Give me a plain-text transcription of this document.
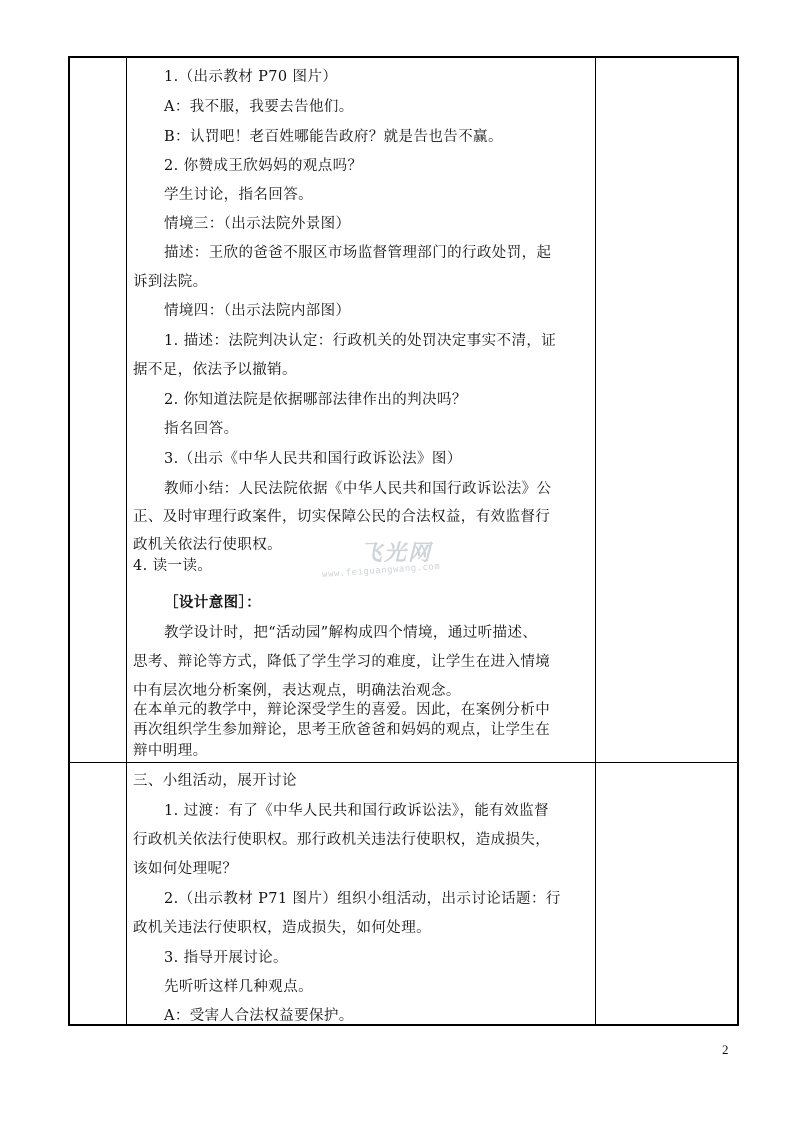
1.（出示教材 P70 图片）
A：我不服，我要去告他们。
B：认罚吧！老百姓哪能告政府？就是告也告不赢。
2. 你赞成王欣妈妈的观点吗？
学生讨论，指名回答。
情境三：（出示法院外景图）
描述：王欣的爸爸不服区市场监督管理部门的行政处罚，起
诉到法院。
情境四：（出示法院内部图）
1. 描述：法院判决认定：行政机关的处罚决定事实不清，证
据不足，依法予以撤销。
2. 你知道法院是依据哪部法律作出的判决吗？
指名回答。
3.（出示《中华人民共和国行政诉讼法》图）
教师小结：人民法院依据《中华人民共和国行政诉讼法》公
正、及时审理行政案件，切实保障公民的合法权益，有效监督行
政机关依法行使职权。
4. 读一读。
［设计意图］：
教学设计时，把“活动园”解构成四个情境，通过听描述、
思考、辩论等方式，降低了学生学习的难度，让学生在进入情境
中有层次地分析案例，表达观点，明确法治观念。
在本单元的教学中，辩论深受学生的喜爱。因此，在案例分析中
再次组织学生参加辩论，思考王欣爸爸和妈妈的观点，让学生在
辩中明理。
飞光网
www.feiguangwang.com
三、小组活动，展开讨论
1. 过渡：有了《中华人民共和国行政诉讼法》，能有效监督
行政机关依法行使职权。那行政机关违法行使职权，造成损失，
该如何处理呢？
2.（出示教材 P71 图片）组织小组活动，出示讨论话题：行
政机关违法行使职权，造成损失，如何处理。
3. 指导开展讨论。
先听听这样几种观点。
A：受害人合法权益要保护。
2
